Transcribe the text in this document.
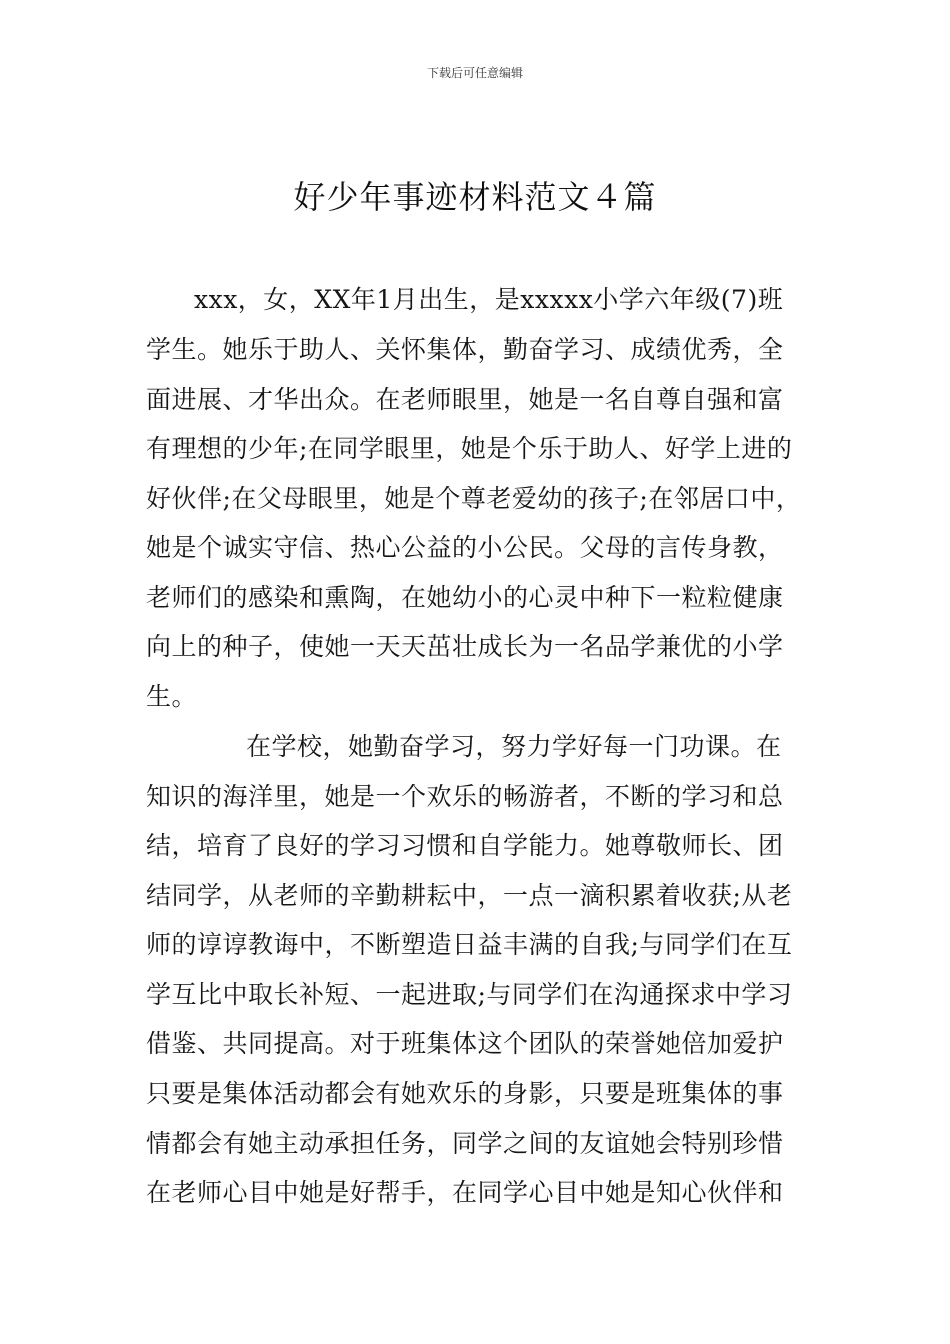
下载后可任意编辑
好少年事迹材料范文４篇
xxx，女，XX年1月出生，是xxxxx小学六年级(7)班
学生。她乐于助人、关怀集体，勤奋学习、成绩优秀，全
面进展、才华出众。在老师眼里，她是一名自尊自强和富
有理想的少年;在同学眼里，她是个乐于助人、好学上进的
好伙伴;在父母眼里，她是个尊老爱幼的孩子;在邻居口中，
她是个诚实守信、热心公益的小公民。父母的言传身教，
老师们的感染和熏陶，在她幼小的心灵中种下一粒粒健康
向上的种子，使她一天天茁壮成长为一名品学兼优的小学
生。
在学校，她勤奋学习，努力学好每一门功课。在
知识的海洋里，她是一个欢乐的畅游者，不断的学习和总
结，培育了良好的学习习惯和自学能力。她尊敬师长、团
结同学，从老师的辛勤耕耘中，一点一滴积累着收获;从老
师的谆谆教诲中，不断塑造日益丰满的自我;与同学们在互
学互比中取长补短、一起进取;与同学们在沟通探求中学习
借鉴、共同提高。对于班集体这个团队的荣誉她倍加爱护
只要是集体活动都会有她欢乐的身影，只要是班集体的事
情都会有她主动承担任务，同学之间的友谊她会特别珍惜
在老师心目中她是好帮手，在同学心目中她是知心伙伴和
